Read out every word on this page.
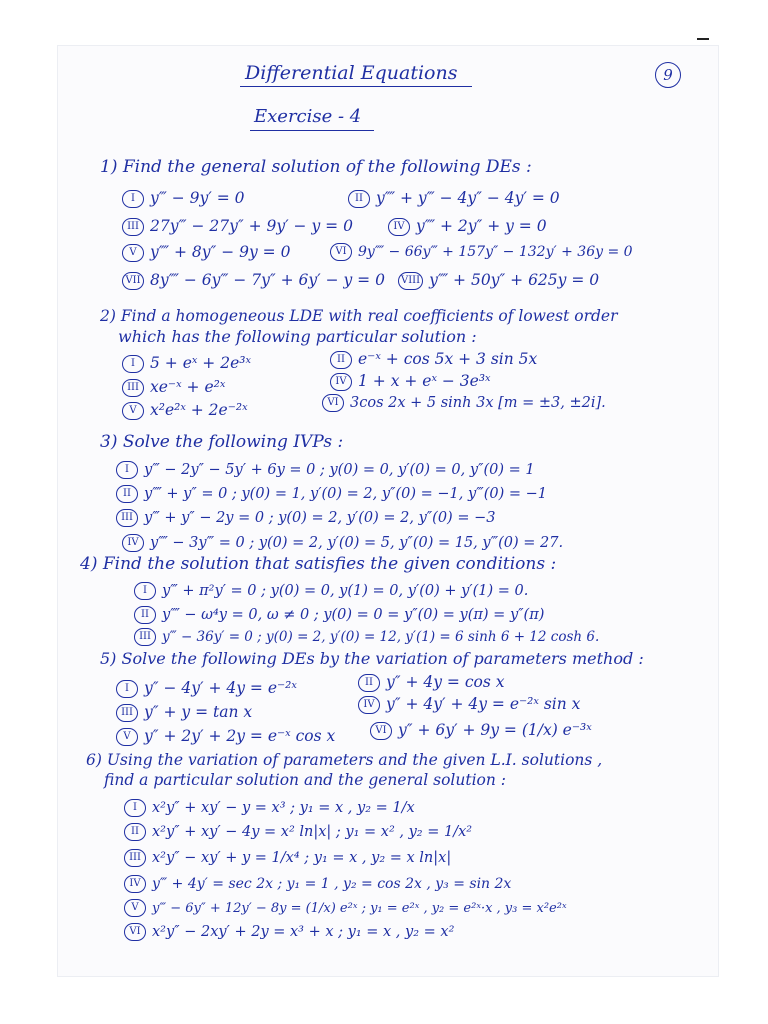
Differential Equations	9
Exercise - 4
1) Find the general solution of the following DEs :
I y‴ − 9y′ = 0	II y⁗ + y‴ − 4y″ − 4y′ = 0
III 27y‴ − 27y″ + 9y′ − y = 0	IV y⁗ + 2y″ + y = 0
V y⁗ + 8y″ − 9y = 0	VI 9y⁗ − 66y‴ + 157y″ − 132y′ + 36y = 0
VII 8y⁗ − 6y‴ − 7y″ + 6y′ − y = 0	VIII y⁗ + 50y″ + 625y = 0
2) Find a homogeneous LDE with real coefficients of lowest order
which has the following particular solution :
I 5 + eˣ + 2e³ˣ	II e⁻ˣ + cos 5x + 3 sin 5x
III xe⁻ˣ + e²ˣ	IV 1 + x + eˣ − 3e³ˣ
V x²e²ˣ + 2e⁻²ˣ	VI 3cos 2x + 5 sinh 3x [m = ±3, ±2i].
3) Solve the following IVPs :
I y‴ − 2y″ − 5y′ + 6y = 0 ; y(0) = 0, y′(0) = 0, y″(0) = 1
II y⁗ + y″ = 0 ; y(0) = 1, y′(0) = 2, y″(0) = −1, y‴(0) = −1
III y‴ + y″ − 2y = 0 ; y(0) = 2, y′(0) = 2, y″(0) = −3
IV y⁗ − 3y‴ = 0 ; y(0) = 2, y′(0) = 5, y″(0) = 15, y‴(0) = 27.
4) Find the solution that satisfies the given conditions :
I y‴ + π²y′ = 0 ; y(0) = 0, y(1) = 0, y′(0) + y′(1) = 0.
II y⁗ − ω⁴y = 0, ω ≠ 0 ; y(0) = 0 = y″(0) = y(π) = y″(π)
III y‴ − 36y′ = 0 ; y(0) = 2, y′(0) = 12, y′(1) = 6 sinh 6 + 12 cosh 6.
5) Solve the following DEs by the variation of parameters method :
I y″ − 4y′ + 4y = e⁻²ˣ	II y″ + 4y = cos x
III y″ + y = tan x	IV y″ + 4y′ + 4y = e⁻²ˣ sin x
V y″ + 2y′ + 2y = e⁻ˣ cos x	VI y″ + 6y′ + 9y = (1/x) e⁻³ˣ
6) Using the variation of parameters and the given L.I. solutions ,
find a particular solution and the general solution :
I x²y″ + xy′ − y = x³ ; y₁ = x , y₂ = 1/x
II x²y″ + xy′ − 4y = x² ln|x| ; y₁ = x² , y₂ = 1/x²
III x²y″ − xy′ + y = 1/x⁴ ; y₁ = x , y₂ = x ln|x|
IV y‴ + 4y′ = sec 2x ; y₁ = 1 , y₂ = cos 2x , y₃ = sin 2x
V y‴ − 6y″ + 12y′ − 8y = (1/x) e²ˣ ; y₁ = e²ˣ , y₂ = e²ˣ·x , y₃ = x²e²ˣ
VI x²y″ − 2xy′ + 2y = x³ + x ; y₁ = x , y₂ = x²
